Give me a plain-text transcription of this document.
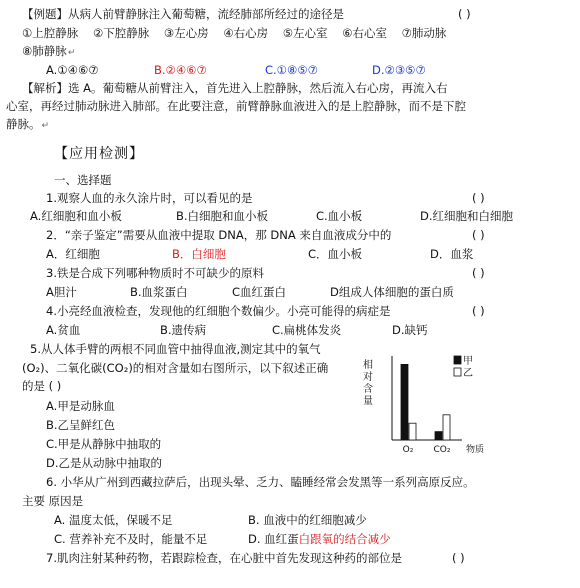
【例题】从病人前臂静脉注入葡萄糖，流经肺部所经过的途径是	( )
①上腔静脉 ②下腔静脉 ③左心房 ④右心房 ⑤左心室 ⑥右心室 ⑦肺动脉
⑧肺静脉↵
A.①④⑥⑦	B.②④⑥⑦	C.①⑧⑤⑦	D.②③⑤⑦
【解析】选 A。葡萄糖从前臂注入，首先进入上腔静脉，然后流入右心房，再流入右
心室，再经过肺动脉进入肺部。在此要注意，前臂静脉血液进入的是上腔静脉，而不是下腔
静脉。↵
【应用检测】
一、选择题
1.观察人血的永久涂片时，可以看见的是	( )
A.红细胞和血小板	B.白细胞和血小板	C.血小板	D.红细胞和白细胞
2．“亲子鉴定”需要从血液中提取 DNA，那 DNA 来自血液成分中的	( )
A．红细胞	B．白细胞	C．血小板	D．血浆
3.铁是合成下列哪种物质时不可缺少的原料	( )
A胆汁	B.血浆蛋白	C血红蛋白	D组成人体细胞的蛋白质
4.小亮经血液检查，发现他的红细胞个数偏少。小亮可能得的病症是	( )
A.贫血	B.遗传病	C.扁桃体发炎	D.缺钙
5.从人体手臂的两根不同血管中抽得血液,测定其中的氧气
(O₂)、二氧化碳(CO₂)的相对含量如右图所示，以下叙述正确
的是 ( )
A.甲是动脉血
B.乙呈鲜红色
C.甲是从静脉中抽取的
D.乙是从动脉中抽取的
相
对
含
量
O₂ CO₂ 物质
甲
乙
6. 小华从广州到西藏拉萨后，出现头晕、乏力、瞌睡经常会发黑等一系列高原反应。
主要 原因是
A. 温度太低，保暖不足	B. 血液中的红细胞减少
C. 营养补充不及时，能量不足	D. 血红蛋白跟氧的结合减少
7.肌肉注射某种药物，若跟踪检查，在心脏中首先发现这种药的部位是	( )
